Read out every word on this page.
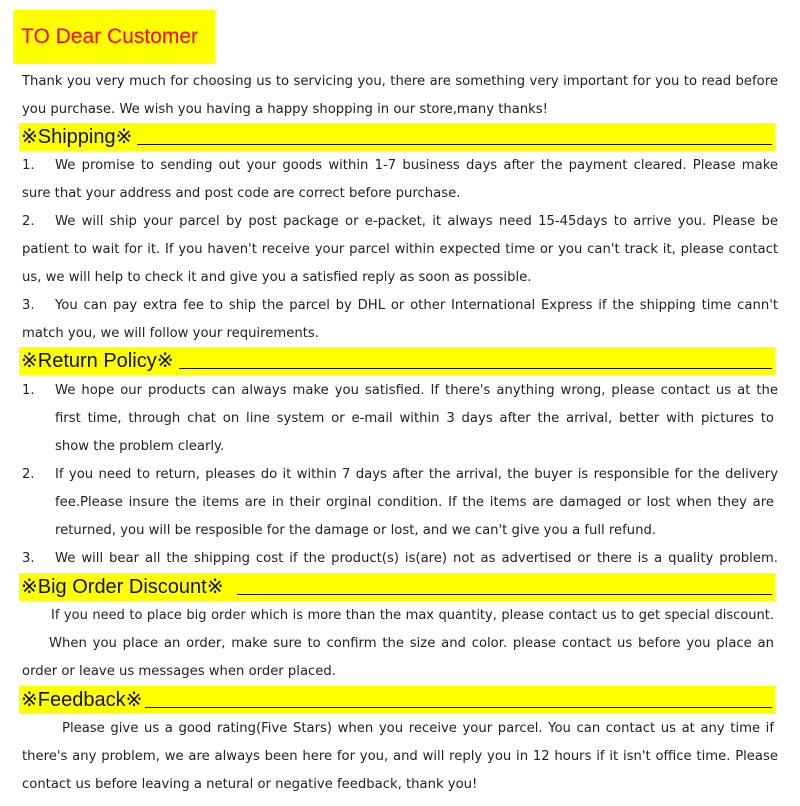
TO Dear Customer
Thank you very much for choosing us to servicing you, there are something very important for you to read before
you purchase. We wish you having a happy shopping in our store,many thanks!
※Shipping※
1. We promise to sending out your goods within 1-7 business days after the payment cleared. Please make
sure that your address and post code are correct before purchase.
2. We will ship your parcel by post package or e-packet, it always need 15-45days to arrive you. Please be
patient to wait for it. If you haven't receive your parcel within expected time or you can't track it, please contact
us, we will help to check it and give you a satisfied reply as soon as possible.
3. You can pay extra fee to ship the parcel by DHL or other International Express if the shipping time cann't
match you, we will follow your requirements.
※Return Policy※
1. We hope our products can always make you satisfied. If there's anything wrong, please contact us at the
first time, through chat on line system or e-mail within 3 days after the arrival, better with pictures to
show the problem clearly.
2. If you need to return, pleases do it within 7 days after the arrival, the buyer is responsible for the delivery
fee.Please insure the items are in their orginal condition. If the items are damaged or lost when they are
returned, you will be resposible for the damage or lost, and we can't give you a full refund.
3. We will bear all the shipping cost if the product(s) is(are) not as advertised or there is a quality problem.
※Big Order Discount※
If you need to place big order which is more than the max quantity, please contact us to get special discount.
When you place an order, make sure to confirm the size and color. please contact us before you place an
order or leave us messages when order placed.
※Feedback※
Please give us a good rating(Five Stars) when you receive your parcel. You can contact us at any time if
there's any problem, we are always been here for you, and will reply you in 12 hours if it isn't office time. Please
contact us before leaving a netural or negative feedback, thank you!
